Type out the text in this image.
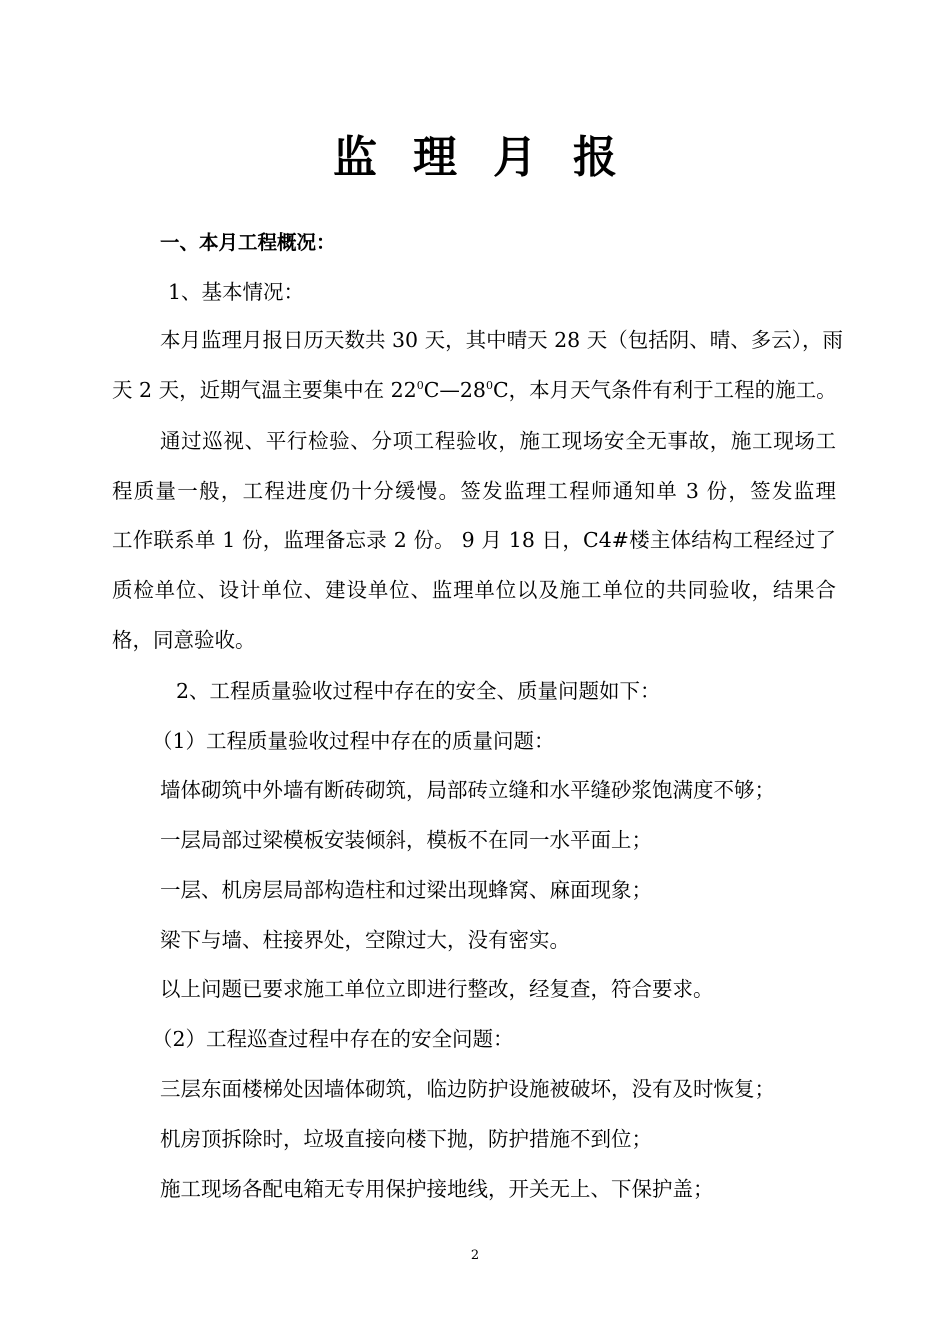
监理月报
一、本月工程概况：
1、基本情况：
本月监理月报日历天数共 30 天，其中晴天 28 天（包括阴、晴、多云），雨
天 2 天，近期气温主要集中在 $22^0C—28^0C$，本月天气条件有利于工程的施工。
通过巡视、平行检验、分项工程验收，施工现场安全无事故，施工现场工
程质量一般，工程进度仍十分缓慢。签发监理工程师通知单 3 份，签发监理
工作联系单 1 份，监理备忘录 2 份。 9 月 18 日，C4#楼主体结构工程经过了
质检单位、设计单位、建设单位、监理单位以及施工单位的共同验收，结果合
格，同意验收。
2、工程质量验收过程中存在的安全、质量问题如下：
（1）工程质量验收过程中存在的质量问题：
墙体砌筑中外墙有断砖砌筑，局部砖立缝和水平缝砂浆饱满度不够；
一层局部过梁模板安装倾斜，模板不在同一水平面上；
一层、机房层局部构造柱和过梁出现蜂窝、麻面现象；
梁下与墙、柱接界处，空隙过大，没有密实。
以上问题已要求施工单位立即进行整改，经复查，符合要求。
（2）工程巡查过程中存在的安全问题：
三层东面楼梯处因墙体砌筑，临边防护设施被破坏，没有及时恢复；
机房顶拆除时，垃圾直接向楼下抛，防护措施不到位；
施工现场各配电箱无专用保护接地线，开关无上、下保护盖；
2
